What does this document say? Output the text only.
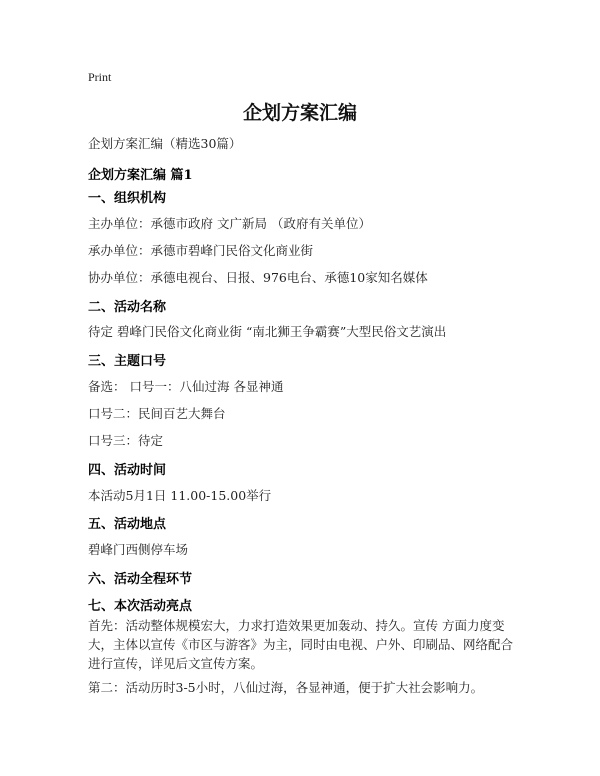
Print
企划方案汇编
企划方案汇编（精选30篇）
企划方案汇编 篇1
一、组织机构
主办单位：承德市政府 文广新局 （政府有关单位）
承办单位：承德市碧峰门民俗文化商业街
协办单位：承德电视台、日报、976电台、承德10家知名媒体
二、活动名称
待定 碧峰门民俗文化商业街 “南北狮王争霸赛”大型民俗文艺演出
三、主题口号
备选： 口号一：八仙过海 各显神通
口号二：民间百艺大舞台
口号三：待定
四、活动时间
本活动5月1日 11.00-15.00举行
五、活动地点
碧峰门西侧停车场
六、活动全程环节
七、本次活动亮点
首先：活动整体规模宏大，力求打造效果更加轰动、持久。宣传 方面力度变大，主体以宣传《市区与游客》为主，同时由电视、户外、印刷品、网络配合进行宣传，详见后文宣传方案。
第二：活动历时3-5小时，八仙过海，各显神通，便于扩大社会影响力。
